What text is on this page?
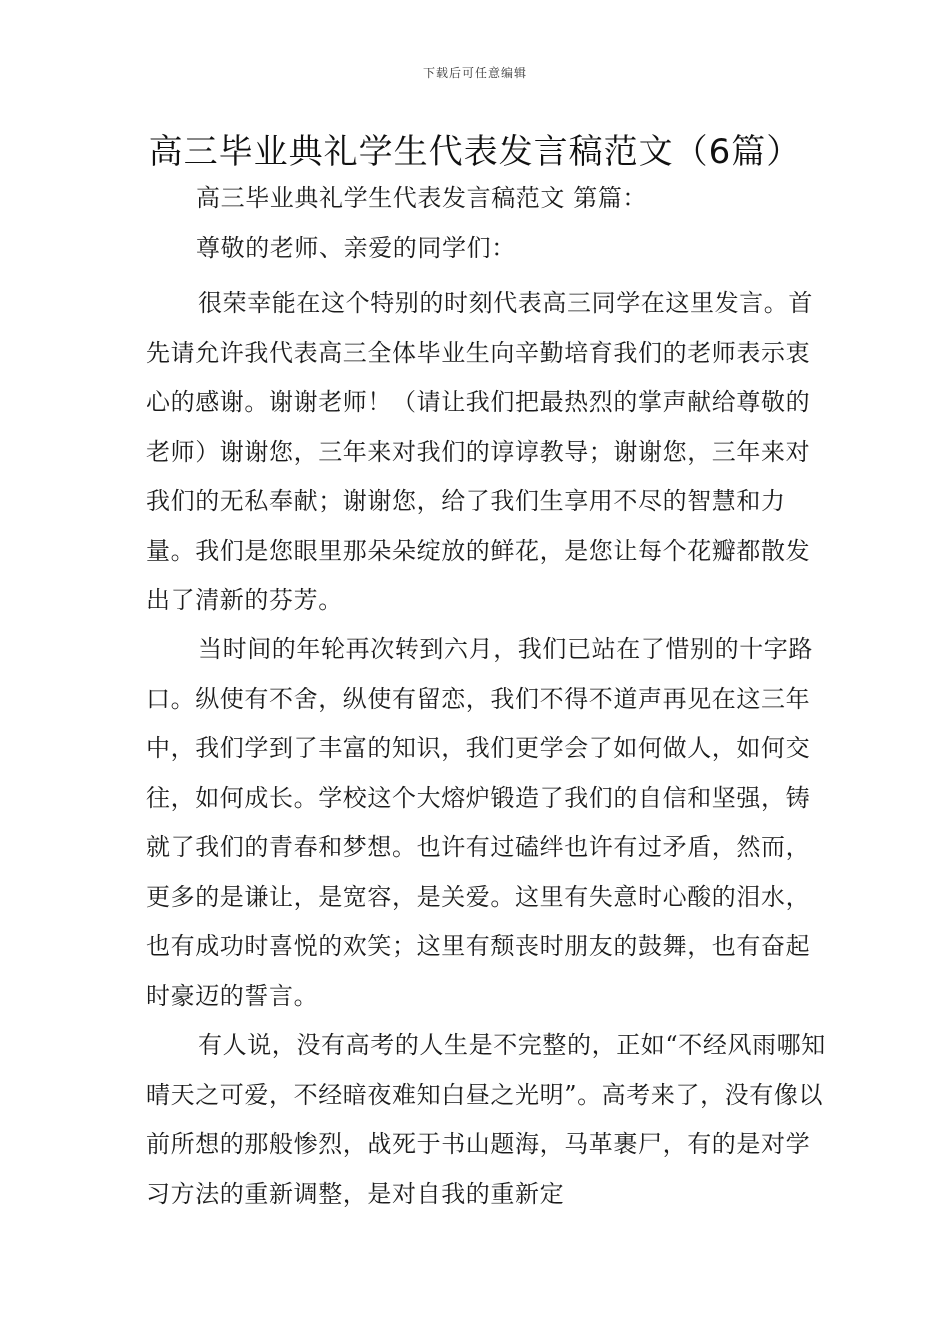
下载后可任意编辑
高三毕业典礼学生代表发言稿范文（6篇）
高三毕业典礼学生代表发言稿范文 第篇：
尊敬的老师、亲爱的同学们：

很荣幸能在这个特别的时刻代表高三同学在这里发言。首先请允许我代表高三全体毕业生向辛勤培育我们的老师表示衷心的感谢。谢谢老师！（请让我们把最热烈的掌声献给尊敬的老师）谢谢您，三年来对我们的谆谆教导；谢谢您，三年来对我们的无私奉献；谢谢您，给了我们生享用不尽的智慧和力量。我们是您眼里那朵朵绽放的鲜花，是您让每个花瓣都散发出了清新的芬芳。

当时间的年轮再次转到六月，我们已站在了惜别的十字路口。纵使有不舍，纵使有留恋，我们不得不道声再见在这三年中，我们学到了丰富的知识，我们更学会了如何做人，如何交往，如何成长。学校这个大熔炉锻造了我们的自信和坚强，铸就了我们的青春和梦想。也许有过磕绊也许有过矛盾，然而，更多的是谦让，是宽容，是关爱。这里有失意时心酸的泪水，也有成功时喜悦的欢笑；这里有颓丧时朋友的鼓舞，也有奋起时豪迈的誓言。

有人说，没有高考的人生是不完整的，正如“不经风雨哪知晴天之可爱，不经暗夜难知白昼之光明”。高考来了，没有像以前所想的那般惨烈，战死于书山题海，马革裹尸，有的是对学习方法的重新调整，是对自我的重新定
